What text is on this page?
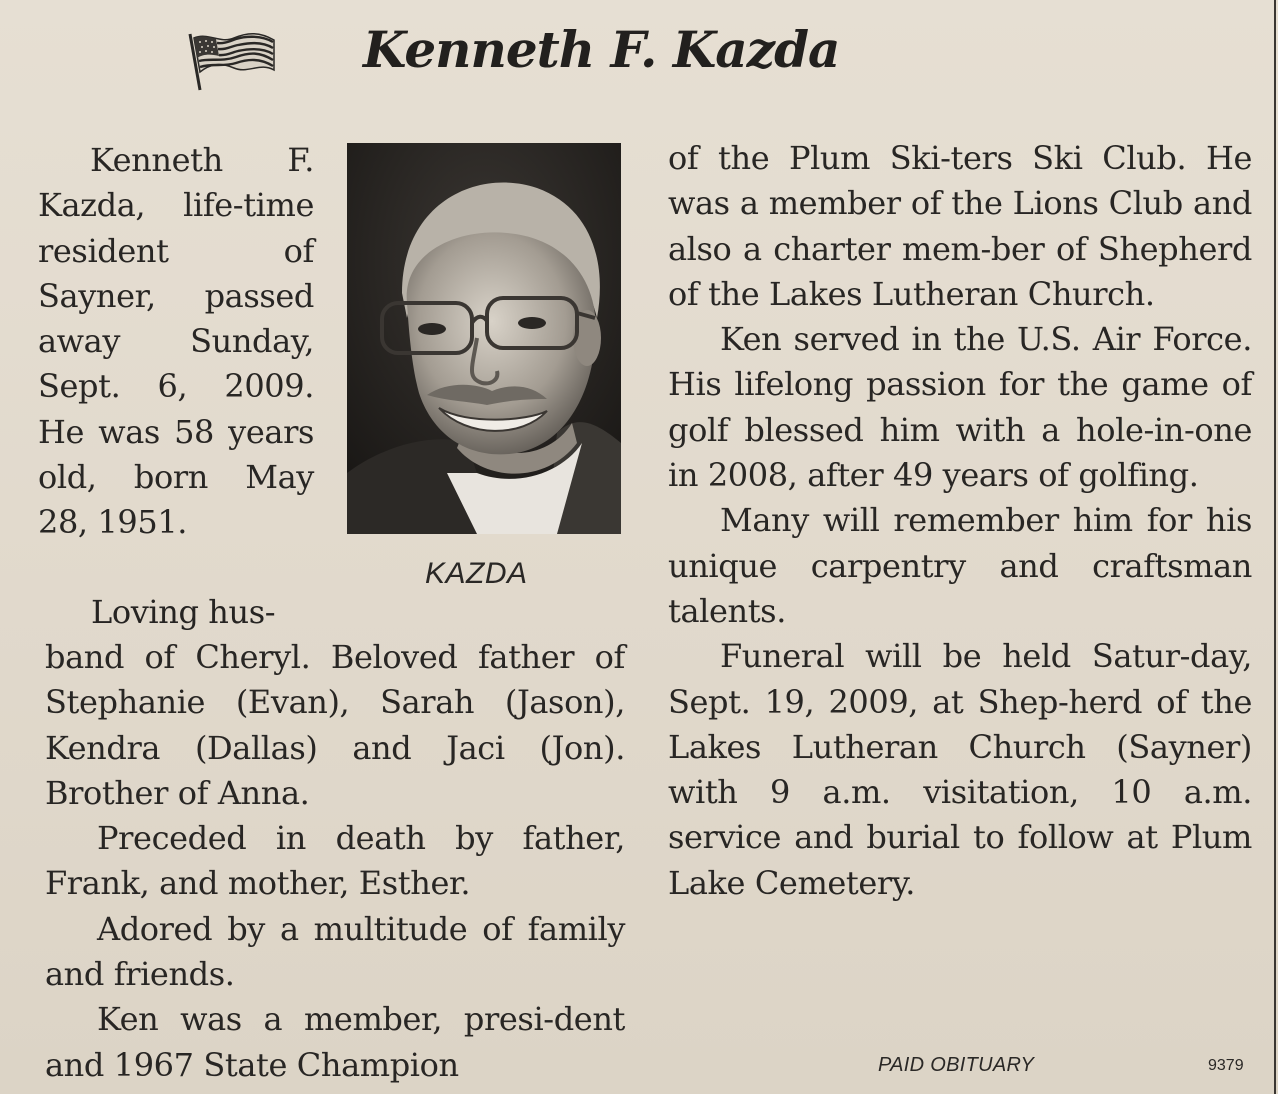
Kenneth F. Kazda

Kenneth F. Kazda, life-time resident of Sayner, passed away Sunday, Sept. 6, 2009. He was 58 years old, born May 28, 1951.

KAZDA
Loving hus-

band of Cheryl. Beloved father of Stephanie (Evan), Sarah (Jason), Kendra (Dallas) and Jaci (Jon). Brother of Anna.

Preceded in death by father, Frank, and mother, Esther.

Adored by a multitude of family and friends.

Ken was a member, presi-dent and 1967 State Champion

of the Plum Ski-ters Ski Club. He was a member of the Lions Club and also a charter mem-ber of Shepherd of the Lakes Lutheran Church.

Ken served in the U.S. Air Force. His lifelong passion for the game of golf blessed him with a hole-in-one in 2008, after 49 years of golfing.

Many will remember him for his unique carpentry and craftsman talents.

Funeral will be held Satur-day, Sept. 19, 2009, at Shep-herd of the Lakes Lutheran Church (Sayner) with 9 a.m. visitation, 10 a.m. service and burial to follow at Plum Lake Cemetery.

PAID OBITUARY	9379
